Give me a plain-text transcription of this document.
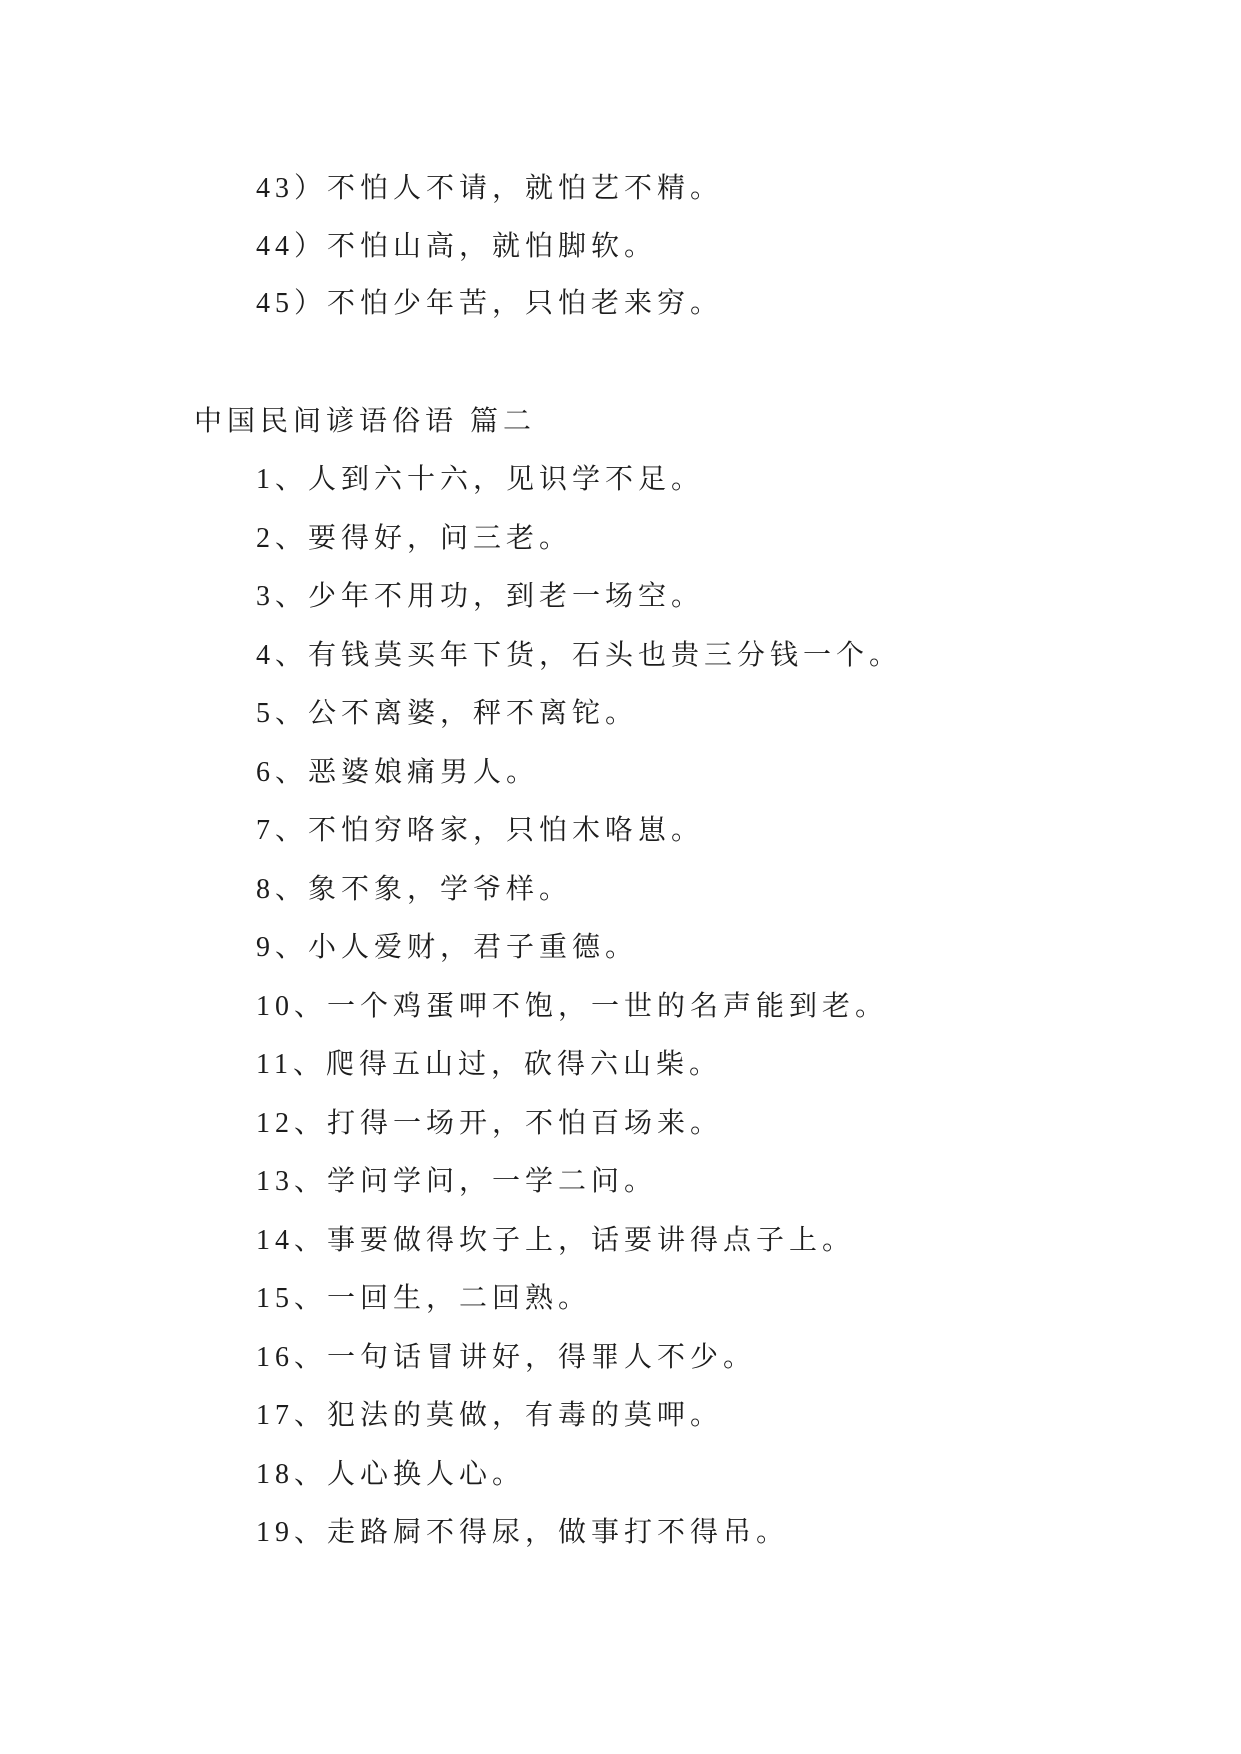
43）不怕人不请，就怕艺不精。
44）不怕山高，就怕脚软。
45）不怕少年苦，只怕老来穷。
中国民间谚语俗语 篇二
1、人到六十六，见识学不足。
2、要得好，问三老。
3、少年不用功，到老一场空。
4、有钱莫买年下货，石头也贵三分钱一个。
5、公不离婆，秤不离铊。
6、恶婆娘痛男人。
7、不怕穷咯家，只怕木咯崽。
8、象不象，学爷样。
9、小人爱财，君子重德。
10、一个鸡蛋呷不饱，一世的名声能到老。
11、爬得五山过，砍得六山柴。
12、打得一场开，不怕百场来。
13、学问学问，一学二问。
14、事要做得坎子上，话要讲得点子上。
15、一回生，二回熟。
16、一句话冒讲好，得罪人不少。
17、犯法的莫做，有毒的莫呷。
18、人心换人心。
19、走路屙不得尿，做事打不得吊。
